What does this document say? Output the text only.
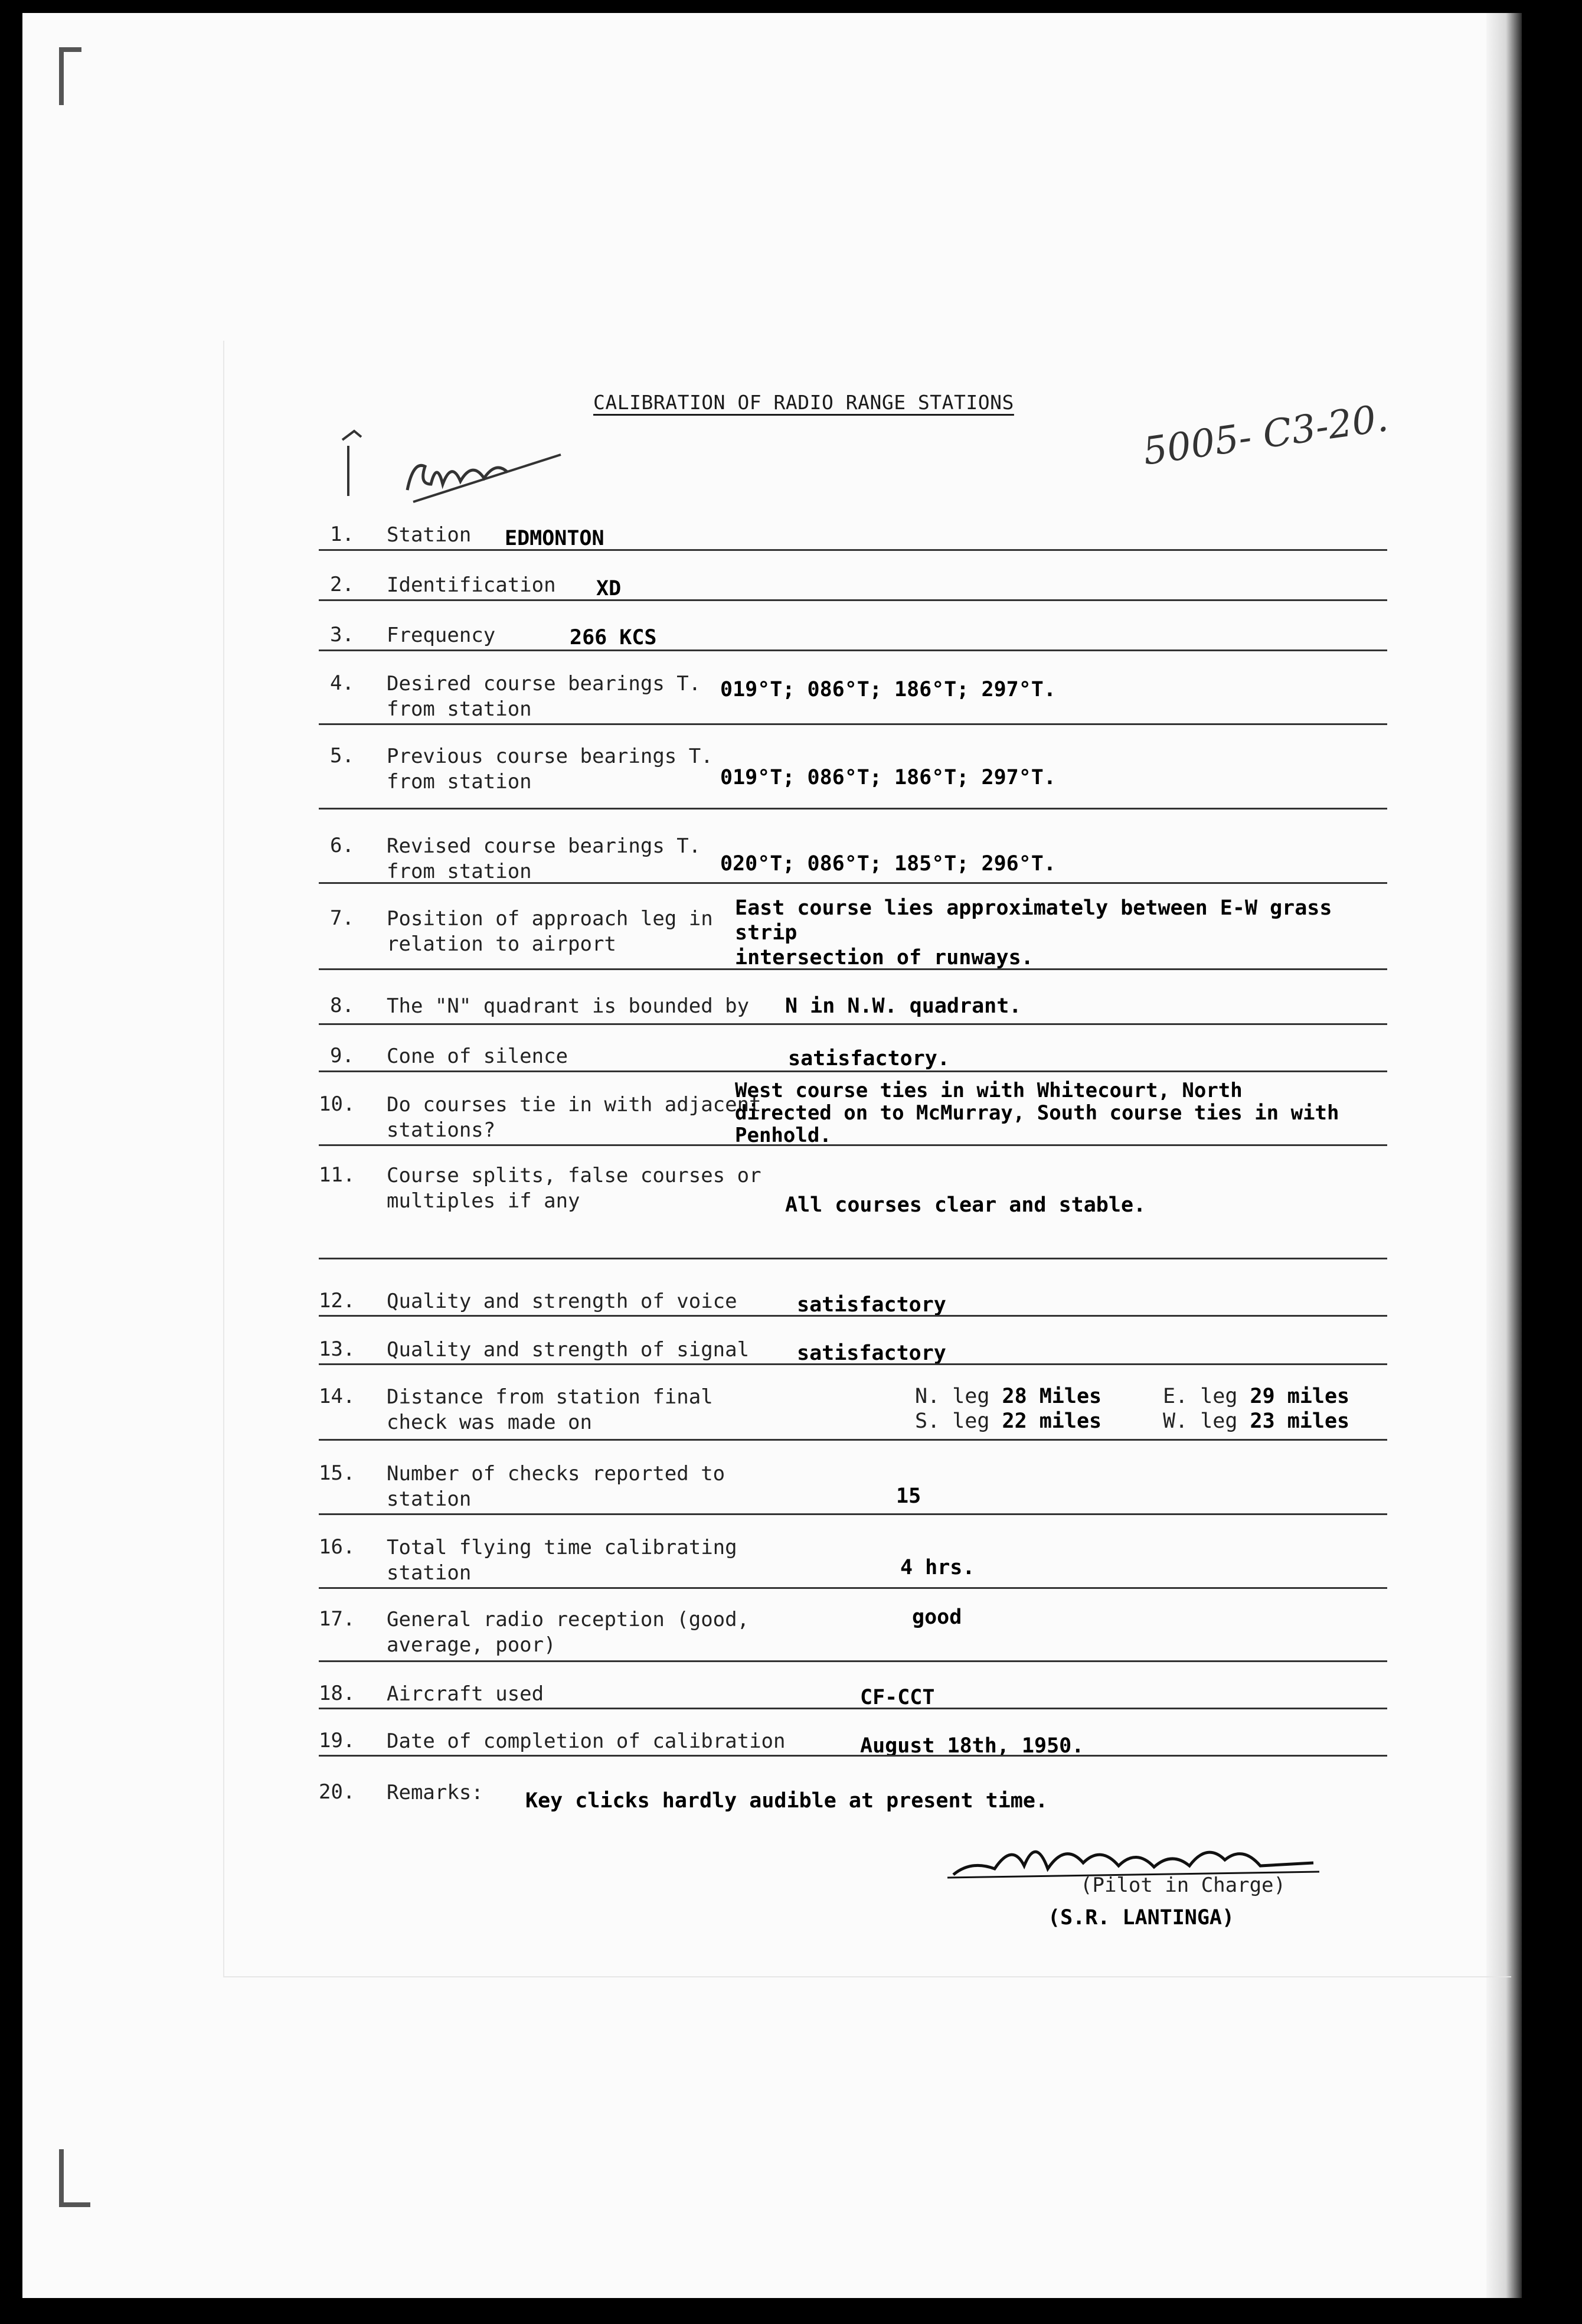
CALIBRATION OF RADIO RANGE STATIONS	5005- C3-20.
1. Station	EDMONTON
2. Identification	XD
3. Frequency	266 KCS
4. Desired course bearings T.
from station
019°T; 086°T; 186°T; 297°T.
5. Previous course bearings T.
from station	019°T; 086°T; 186°T; 297°T.
6. Revised course bearings T.
from station	020°T; 086°T; 185°T; 296°T.
7. Position of approach leg in
relation to airport
East course lies approximately between E-W grass strip
intersection of runways.
8. The "N" quadrant is bounded by	N in N.W. quadrant.
9. Cone of silence	satisfactory.
10. Do courses tie in with adjacent
stations?
West course ties in with Whitecourt, North
directed on to McMurray, South course ties in with
Penhold.
11. Course splits, false courses or
multiples if any	All courses clear and stable.
12. Quality and strength of voice	satisfactory
13. Quality and strength of signal	satisfactory
14. Distance from station final
check was made on
N. leg 28 Miles	E. leg 29 miles
S. leg 22 miles	W. leg 23 miles
15. Number of checks reported to
station	15
16. Total flying time calibrating
station	4 hrs.
17. General radio reception (good,
average, poor)
good
18. Aircraft used	CF-CCT
19. Date of completion of calibration	August 18th, 1950.
20. Remarks:	Key clicks hardly audible at present time.
(Pilot in Charge)
(S.R. LANTINGA)
